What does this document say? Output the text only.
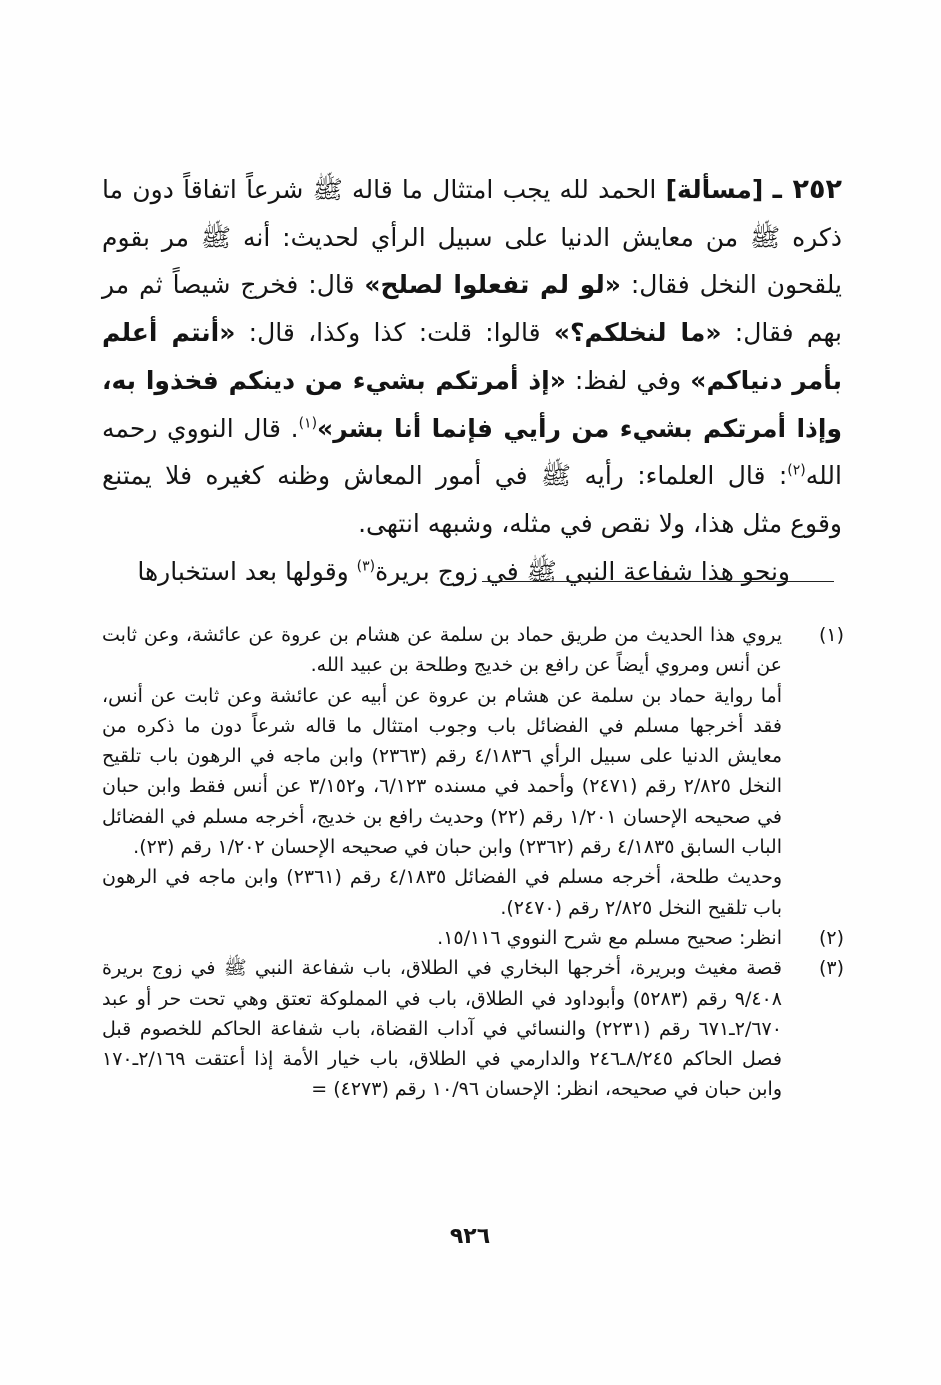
٢٥٢ ـ [مسألة] الحمد لله يجب امتثال ما قاله ﷺ شرعاً اتفاقاً دون ما ذكره ﷺ من معايش الدنيا على سبيل الرأي لحديث: أنه ﷺ مر بقوم يلقحون النخل فقال: «لو لم تفعلوا لصلح» قال: فخرج شيصاً ثم مر بهم فقال: «ما لنخلكم؟» قالوا: قلت: كذا وكذا، قال: «أنتم أعلم بأمر دنياكم» وفي لفظ: «إذ أمرتكم بشيء من دينكم فخذوا به، وإذا أمرتكم بشيء من رأيي فإنما أنا بشر»$^{(١)}$. قال النووي رحمه الله$^{(٢)}$: قال العلماء: رأيه ﷺ في أمور المعاش وظنه كغيره فلا يمتنع وقوع مثل هذا، ولا نقص في مثله، وشبهه انتهى.

ونحو هذا شفاعة النبي ﷺ في زوج بريرة$^{(٣)}$ وقولها بعد استخبارها

(١)

يروي هذا الحديث من طريق حماد بن سلمة عن هشام بن عروة عن عائشة، وعن ثابت عن أنس ومروي أيضاً عن رافع بن خديج وطلحة بن عبيد الله.

أما رواية حماد بن سلمة عن هشام بن عروة عن أبيه عن عائشة وعن ثابت عن أنس، فقد أخرجها مسلم في الفضائل باب وجوب امتثال ما قاله شرعاً دون ما ذكره من معايش الدنيا على سبيل الرأي ٤/١٨٣٦ رقم (٢٣٦٣) وابن ماجه في الرهون باب تلقيح النخل ٢/٨٢٥ رقم (٢٤٧١) وأحمد في مسنده ٦/١٢٣، و٣/١٥٢ عن أنس فقط وابن حبان في صحيحه الإحسان ١/٢٠١ رقم (٢٢) وحديث رافع بن خديج، أخرجه مسلم في الفضائل الباب السابق ٤/١٨٣٥ رقم (٢٣٦٢) وابن حبان في صحيحه الإحسان ١/٢٠٢ رقم (٢٣).

وحديث طلحة، أخرجه مسلم في الفضائل ٤/١٨٣٥ رقم (٢٣٦١) وابن ماجه في الرهون باب تلقيح النخل ٢/٨٢٥ رقم (٢٤٧٠).

(٢)

انظر: صحيح مسلم مع شرح النووي ١٥/١١٦.

(٣)

قصة مغيث وبريرة، أخرجها البخاري في الطلاق، باب شفاعة النبي ﷺ في زوج بريرة ٩/٤٠٨ رقم (٥٢٨٣) وأبوداود في الطلاق، باب في المملوكة تعتق وهي تحت حر أو عبد ٢/٦٧٠ـ٦٧١ رقم (٢٢٣١) والنسائي في آداب القضاة، باب شفاعة الحاكم للخصوم قبل فصل الحاكم ٨/٢٤٥ـ٢٤٦ والدارمي في الطلاق، باب خيار الأمة إذا أعتقت ٢/١٦٩ـ١٧٠ وابن حبان في صحيحه، انظر: الإحسان ١٠/٩٦ رقم (٤٢٧٣) =

٩٢٦
